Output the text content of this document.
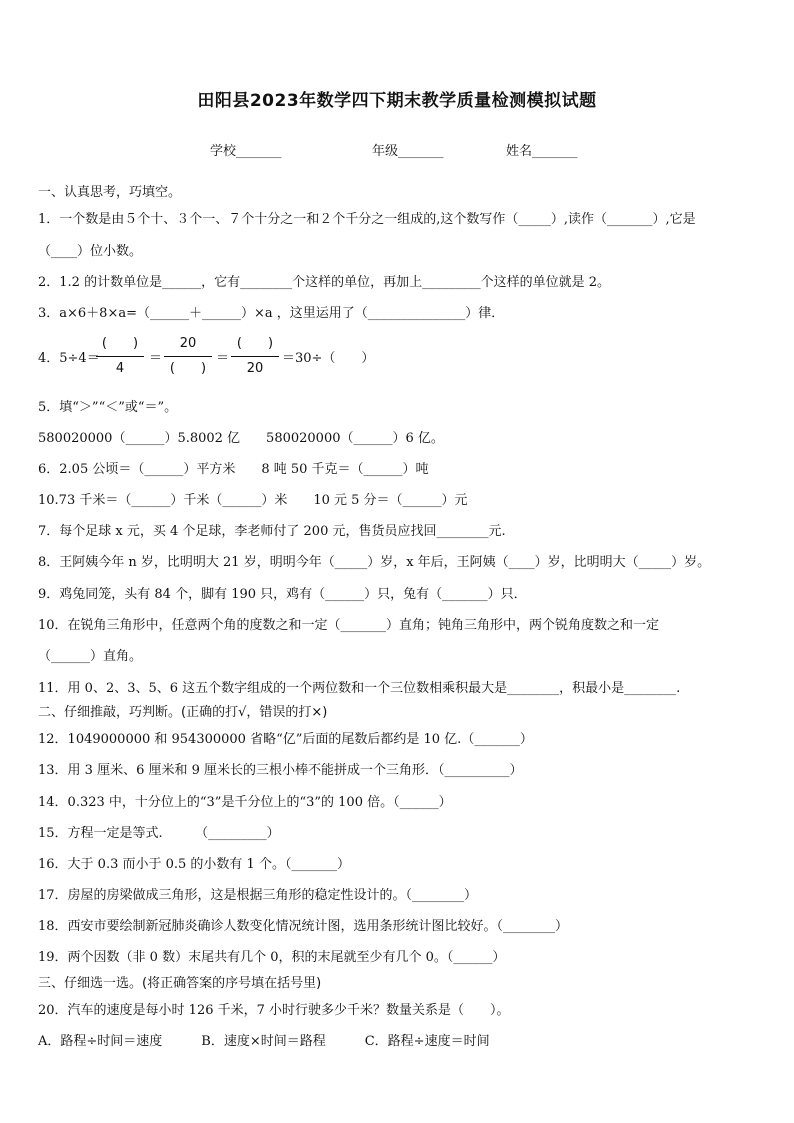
田阳县2023年数学四下期末教学质量检测模拟试题
学校_______	年级_______	姓名_______
一、认真思考，巧填空。
1．一个数是由５个十、３个一、７个十分之一和２个千分之一组成的,这个数写作（_____）,读作（_______）,它是
（____）位小数。
2．1.2 的计数单位是______，它有________个这样的单位，再加上_________个这样的单位就是 2。
3．a×6＋8×a=（______＋______）×a ，这里运用了（_______________）律．
4．5÷4＝
(　　)
4
＝
20
(　　)
＝
(　　)
20
＝30÷（　　）
5．填“＞”“＜”或“＝”。
580020000（______）5.8002 亿　　580020000（______）6 亿。
6．2.05 公顷＝（______）平方米　　8 吨 50 千克＝（______）吨
10.73 千米＝（______）千米（______）米　　10 元 5 分＝（______）元
7．每个足球 x 元，买 4 个足球，李老师付了 200 元，售货员应找回________元.
8．王阿姨今年 n 岁，比明明大 21 岁，明明今年（_____）岁，x 年后，王阿姨（____）岁，比明明大（_____）岁。
9．鸡兔同笼，头有 84 个，脚有 190 只，鸡有（______）只，兔有（_______）只．
10．在锐角三角形中，任意两个角的度数之和一定（_______）直角；钝角三角形中，两个锐角度数之和一定
（______）直角。
11．用 0、2、3、5、6 这五个数字组成的一个两位数和一个三位数相乘积最大是________，积最小是________.
二、仔细推敲，巧判断。(正确的打√，错误的打×)
12．1049000000 和 954300000 省略“亿”后面的尾数后都约是 10 亿.（_______）
13．用 3 厘米、6 厘米和 9 厘米长的三根小棒不能拼成一个三角形．（__________）
14．0.323 中，十分位上的“3”是千分位上的“3”的 100 倍。（______）
15．方程一定是等式.　　　（_________）
16．大于 0.3 而小于 0.5 的小数有 1 个。（_______）
17．房屋的房梁做成三角形，这是根据三角形的稳定性设计的。（________）
18．西安市要绘制新冠肺炎确诊人数变化情况统计图，选用条形统计图比较好。（________）
19．两个因数（非 0 数）末尾共有几个 0，积的末尾就至少有几个 0。（______）
三、仔细选一选。(将正确答案的序号填在括号里)
20．汽车的速度是每小时 126 千米，7 小时行驶多少千米？数量关系是（　　）。
A．路程÷时间＝速度　　　B．速度×时间＝路程　　　C．路程÷速度＝时间
